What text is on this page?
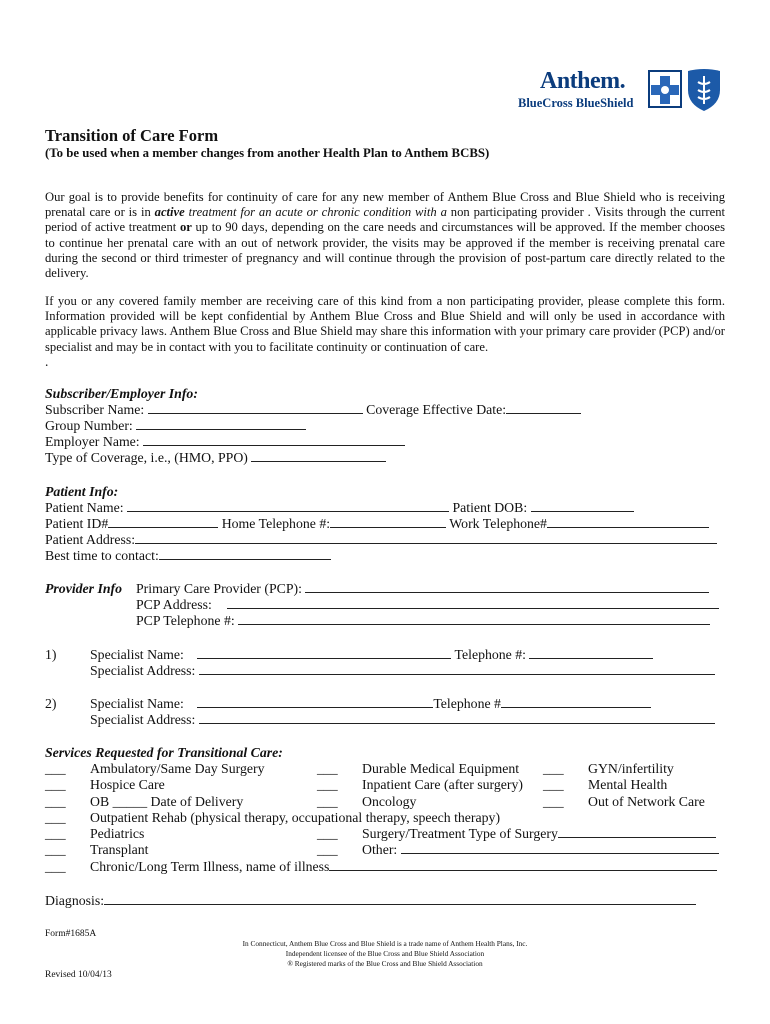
Anthem.
BlueCross BlueShield
Transition of Care Form
(To be used when a member changes from another Health Plan to Anthem BCBS)
Our goal is to provide benefits for continuity of care for any new member of Anthem Blue Cross and Blue Shield who is receiving prenatal care or is in active treatment for an acute or chronic condition with a non participating provider . Visits through the current period of active treatment or up to 90 days, depending on the care needs and circumstances will be approved. If the member chooses to continue her prenatal care with an out of network provider, the visits may be approved if the member is receiving prenatal care during the second or third trimester of pregnancy and will continue through the provision of post-partum care directly related to the delivery.
If you or any covered family member are receiving care of this kind from a non participating provider, please complete this form. Information provided will be kept confidential by Anthem Blue Cross and Blue Shield and will only be used in accordance with applicable privacy laws. Anthem Blue Cross and Blue Shield may share this information with your primary care provider (PCP) and/or specialist and may be in contact with you to facilitate continuity or continuation of care.
.
Subscriber/Employer Info:
Subscriber Name:	Coverage Effective Date:
Group Number:
Employer Name:
Type of Coverage, i.e., (HMO, PPO)
Patient Info:
Patient Name:	Patient DOB:
Patient ID#	Home Telephone #:	Work Telephone#
Patient Address:
Best time to contact:
Provider Info Primary Care Provider (PCP):
PCP Address:
PCP Telephone #:
1) Specialist Name:	Telephone #:
Specialist Address:
2) Specialist Name:	Telephone #
Specialist Address:
Services Requested for Transitional Care:
___ Ambulatory/Same Day Surgery
___ Hospice Care
___ OB _____ Date of Delivery
___ Outpatient Rehab (physical therapy, occupational therapy, speech therapy)
___ Pediatrics
___ Transplant
___ Chronic/Long Term Illness, name of illness
___ Durable Medical Equipment
___ Inpatient Care (after surgery)
___ Oncology
___ Surgery/Treatment Type of Surgery
___ Other:
___ GYN/infertility
___ Mental Health
___ Out of Network Care
Diagnosis:
Form#1685A
In Connecticut, Anthem Blue Cross and Blue Shield is a trade name of Anthem Health Plans, Inc.
Independent licensee of the Blue Cross and Blue Shield Association
® Registered marks of the Blue Cross and Blue Shield Association
Revised 10/04/13
